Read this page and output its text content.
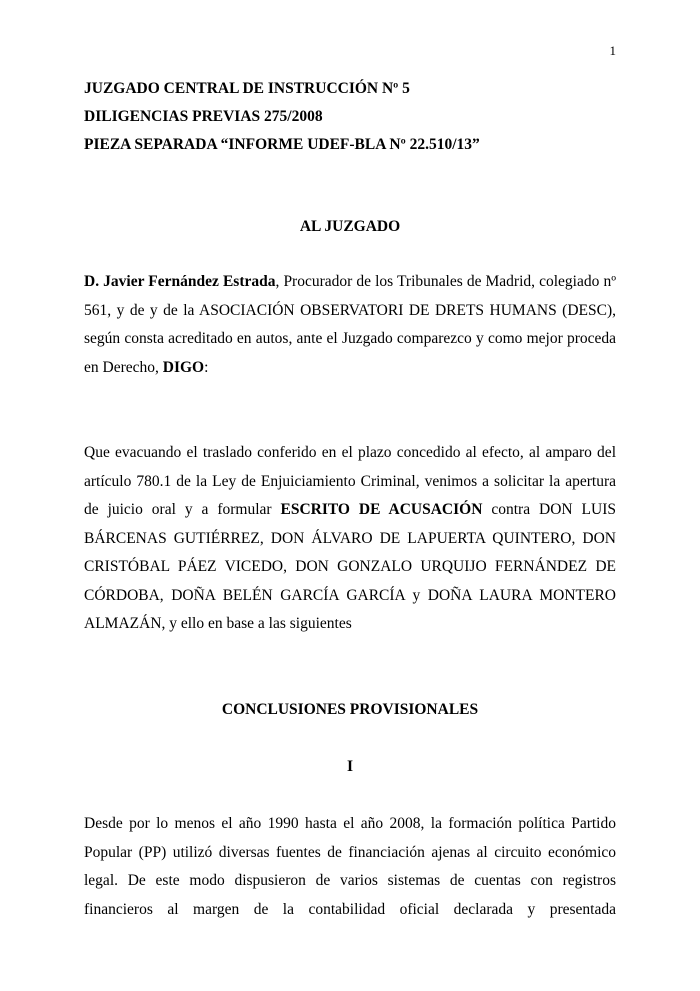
1
JUZGADO CENTRAL DE INSTRUCCIÓN Nº 5
DILIGENCIAS PREVIAS 275/2008
PIEZA SEPARADA “INFORME UDEF-BLA Nº 22.510/13”
AL JUZGADO

D. Javier Fernández Estrada, Procurador de los Tribunales de Madrid, colegiado nº 561, y de y de la ASOCIACIÓN OBSERVATORI DE DRETS HUMANS (DESC), según consta acreditado en autos, ante el Juzgado comparezco y como mejor proceda en Derecho, DIGO:

Que evacuando el traslado conferido en el plazo concedido al efecto, al amparo del artículo 780.1 de la Ley de Enjuiciamiento Criminal, venimos a solicitar la apertura de juicio oral y a formular ESCRITO DE ACUSACIÓN contra DON LUIS BÁRCENAS GUTIÉRREZ, DON ÁLVARO DE LAPUERTA QUINTERO, DON CRISTÓBAL PÁEZ VICEDO, DON GONZALO URQUIJO FERNÁNDEZ DE CÓRDOBA, DOÑA BELÉN GARCÍA GARCÍA y DOÑA LAURA MONTERO ALMAZÁN, y ello en base a las siguientes

CONCLUSIONES PROVISIONALES
I

Desde por lo menos el año 1990 hasta el año 2008, la formación política Partido Popular (PP) utilizó diversas fuentes de financiación ajenas al circuito económico legal. De este modo dispusieron de varios sistemas de cuentas con registros financieros al margen de la contabilidad oficial declarada y presentada
